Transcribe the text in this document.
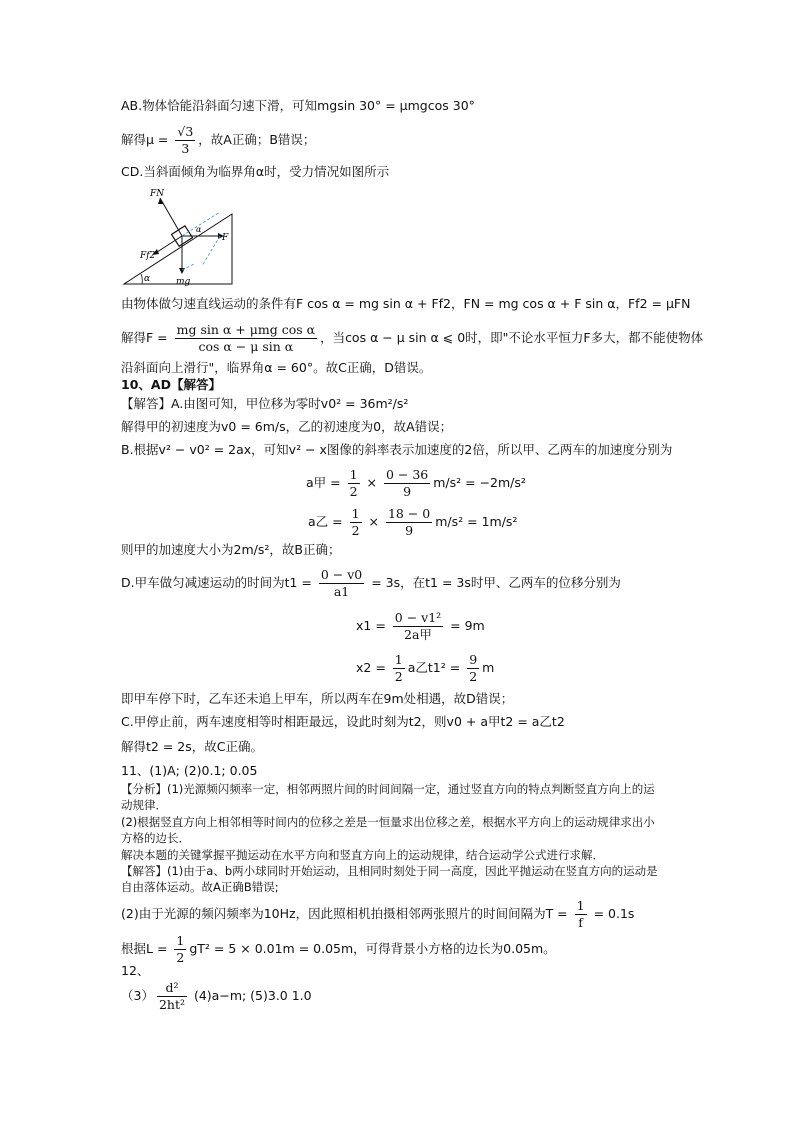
AB.物体恰能沿斜面匀速下滑，可知mgsin 30° = μmgcos 30°
解得$\mu = \frac{√3}{3}$ ，故A正确；B错误；
CD.当斜面倾角为临界角α时，受力情况如图所示
α
FN
F
Ff2
mg
α
由物体做匀速直线运动的条件有F cos α = mg sin α + Ff2，FN = mg cos α + F sin α，Ff2 = μFN
解得$F = \frac{\text{mg sin α + μmg cos α}}{\text{cos α − μ sin α}}$ ，当cos α − μ sin α ⩽ 0时，即"不论水平恒力F多大，都不能使物体
沿斜面向上滑行"，临界角α = 60°。故C正确，D错误。
10、AD【解答】
【解答】A.由图可知，甲位移为零时v0² = 36m²/s²
解得甲的初速度为v0 = 6m/s，乙的初速度为0，故A错误；
B.根据v² − v0² = 2ax，可知v² − x图像的斜率表示加速度的2倍，所以甲、乙两车的加速度分别为
a甲 = $\frac{1}{2} \times \frac{0 - 36}{9} m/s^2 = -2m/s^2$
a乙 = $\frac{1}{2} \times \frac{18 - 0}{9} m/s^2 = 1m/s^2$
则甲的加速度大小为2m/s²，故B正确；
D.甲车做匀减速运动的时间为$t1 = \frac{0 - v0}{a1} = 3s$，在t1 = 3s时甲、乙两车的位移分别为
$x1 = \frac{\text{0 − v1²}}{\text{2a甲}} = 9m$
$x2 = \frac{1}{2}$ a乙$t1^2 = \frac{9}{2}$ m
即甲车停下时，乙车还未追上甲车，所以两车在9m处相遇，故D错误；
C.甲停止前，两车速度相等时相距最远，设此时刻为t2，则v0 + a甲t2 = a乙t2
解得t2 = 2s，故C正确。
11、(1)A; (2)0.1; 0.05
【分析】(1)光源频闪频率一定，相邻两照片间的时间间隔一定，通过竖直方向的特点判断竖直方向上的运
动规律．
(2)根据竖直方向上相邻相等时间内的位移之差是一恒量求出位移之差，根据水平方向上的运动规律求出小
方格的边长．
解决本题的关键掌握平抛运动在水平方向和竖直方向上的运动规律，结合运动学公式进行求解．
【解答】(1)由于a、b两小球同时开始运动，且相同时刻处于同一高度，因此平抛运动在竖直方向的运动是
自由落体运动。故A正确B错误;
(2)由于光源的频闪频率为10Hz，因此照相机拍摄相邻两张照片的时间间隔为$T = \frac{1}{f} = 0.1s$
根据$L = \frac{1}{2} gT^2 = 5 \times 0.01m = 0.05m$，可得背景小方格的边长为0.05m。
12、
$(3) \frac{\text{d²}}{\text{2ht²}} (4)a-m$; (5)3.0 1.0
